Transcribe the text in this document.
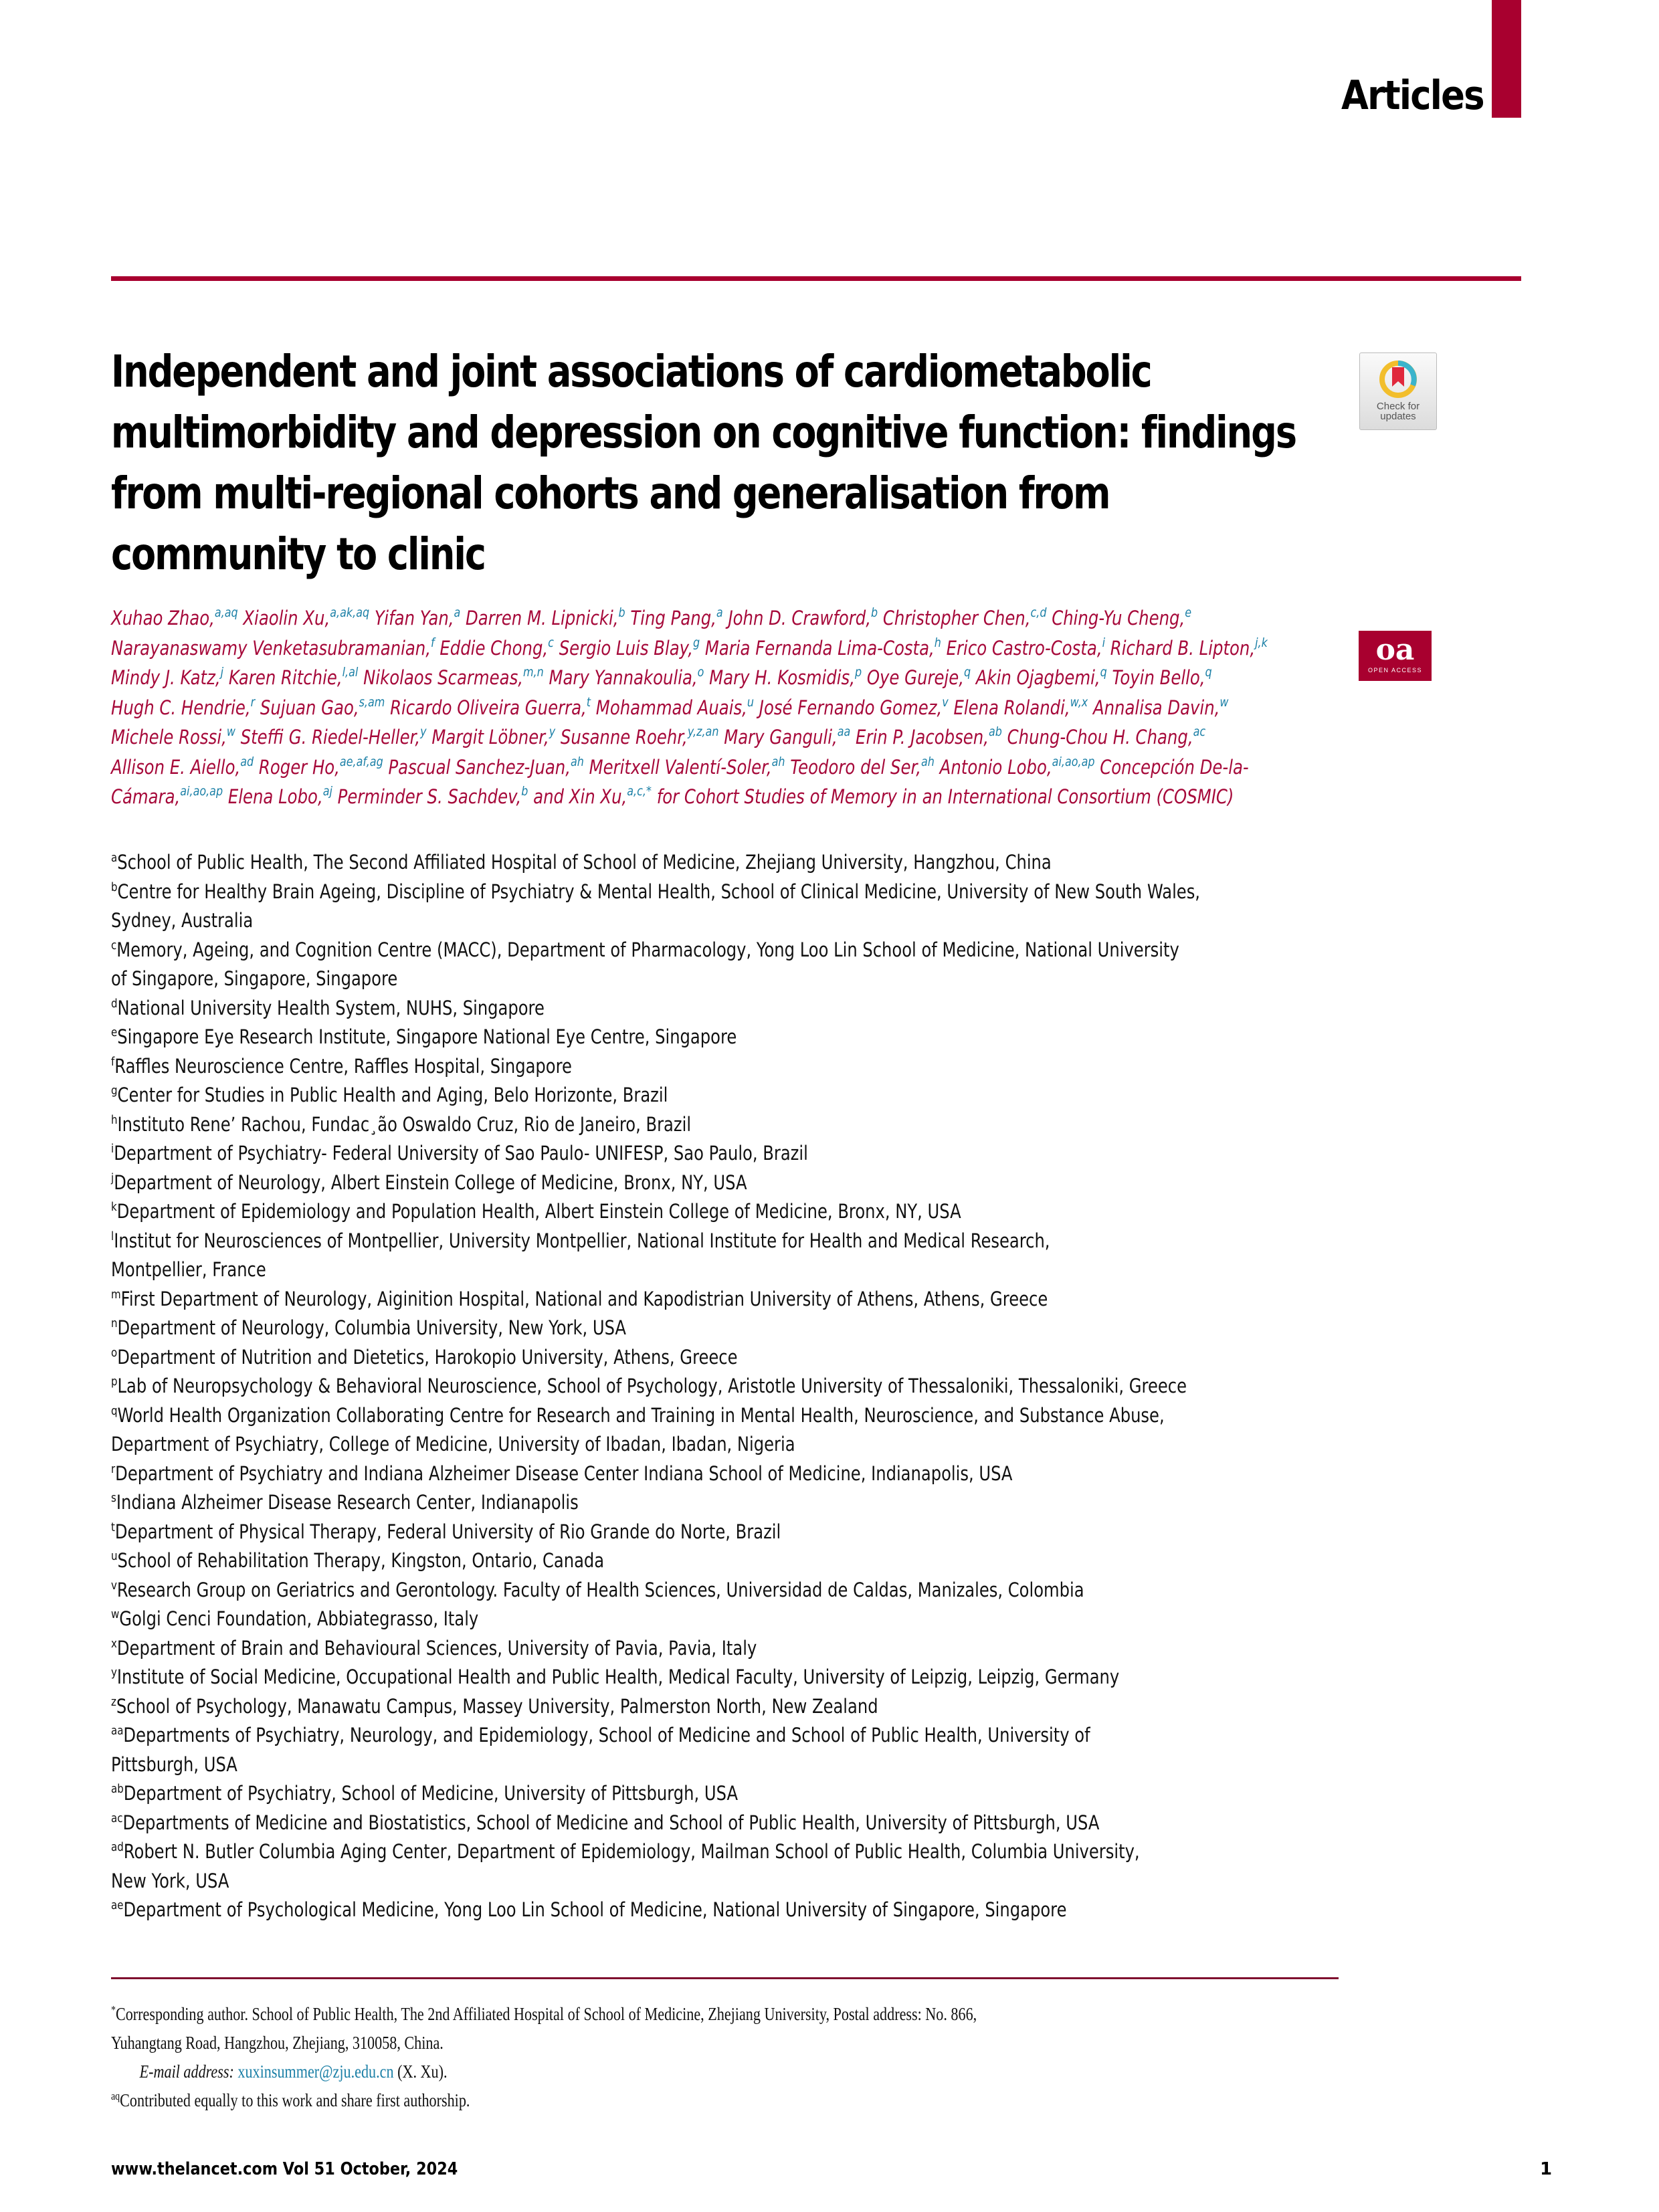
Articles
Independent and joint associations of cardiometabolic
multimorbidity and depression on cognitive function: findings
from multi-regional cohorts and generalisation from
community to clinic
Check for
updates
oa
OPEN ACCESS
Xuhao Zhao,$^{a,aq}$ Xiaolin Xu,$^{a,ak,aq}$ Yifan Yan,$^a$ Darren M. Lipnicki,$^b$ Ting Pang,$^a$ John D. Crawford,$^b$ Christopher Chen,$^{c,d}$ Ching-Yu Cheng,$^e$
Narayanaswamy Venketasubramanian,$^f$ Eddie Chong,$^c$ Sergio Luis Blay,$^g$ Maria Fernanda Lima-Costa,$^h$ Erico Castro-Costa,$^i$ Richard B. Lipton,$^{j,k}$
Mindy J. Katz,$^j$ Karen Ritchie,$^{l,al}$ Nikolaos Scarmeas,$^{m,n}$ Mary Yannakoulia,$^o$ Mary H. Kosmidis,$^p$ Oye Gureje,$^q$ Akin Ojagbemi,$^q$ Toyin Bello,$^q$
Hugh C. Hendrie,$^r$ Sujuan Gao,$^{s,am}$ Ricardo Oliveira Guerra,$^t$ Mohammad Auais,$^u$ José Fernando Gomez,$^v$ Elena Rolandi,$^{w,x}$ Annalisa Davin,$^w$
Michele Rossi,$^w$ Steffi G. Riedel-Heller,$^y$ Margit Löbner,$^y$ Susanne Roehr,$^{y,z,an}$ Mary Ganguli,$^{aa}$ Erin P. Jacobsen,$^{ab}$ Chung-Chou H. Chang,$^{ac}$
Allison E. Aiello,$^{ad}$ Roger Ho,$^{ae,af,ag}$ Pascual Sanchez-Juan,$^{ah}$ Meritxell Valentí-Soler,$^{ah}$ Teodoro del Ser,$^{ah}$ Antonio Lobo,$^{ai,ao,ap}$ Concepción De-la-
Cámara,$^{ai,ao,ap}$ Elena Lobo,$^{aj}$ Perminder S. Sachdev,$^b$ and Xin Xu,$^{a,c,*}$ for Cohort Studies of Memory in an International Consortium (COSMIC)
$^a$School of Public Health, The Second Affiliated Hospital of School of Medicine, Zhejiang University, Hangzhou, China
$^b$Centre for Healthy Brain Ageing, Discipline of Psychiatry & Mental Health, School of Clinical Medicine, University of New South Wales,
Sydney, Australia
$^c$Memory, Ageing, and Cognition Centre (MACC), Department of Pharmacology, Yong Loo Lin School of Medicine, National University
of Singapore, Singapore, Singapore
$^d$National University Health System, NUHS, Singapore
$^e$Singapore Eye Research Institute, Singapore National Eye Centre, Singapore
$^f$Raffles Neuroscience Centre, Raffles Hospital, Singapore
$^g$Center for Studies in Public Health and Aging, Belo Horizonte, Brazil
$^h$Instituto Rene’ Rachou, Fundac¸ão Oswaldo Cruz, Rio de Janeiro, Brazil
$^i$Department of Psychiatry- Federal University of Sao Paulo- UNIFESP, Sao Paulo, Brazil
$^j$Department of Neurology, Albert Einstein College of Medicine, Bronx, NY, USA
$^k$Department of Epidemiology and Population Health, Albert Einstein College of Medicine, Bronx, NY, USA
$^l$Institut for Neurosciences of Montpellier, University Montpellier, National Institute for Health and Medical Research,
Montpellier, France
$^m$First Department of Neurology, Aiginition Hospital, National and Kapodistrian University of Athens, Athens, Greece
$^n$Department of Neurology, Columbia University, New York, USA
$^o$Department of Nutrition and Dietetics, Harokopio University, Athens, Greece
$^p$Lab of Neuropsychology & Behavioral Neuroscience, School of Psychology, Aristotle University of Thessaloniki, Thessaloniki, Greece
$^q$World Health Organization Collaborating Centre for Research and Training in Mental Health, Neuroscience, and Substance Abuse,
Department of Psychiatry, College of Medicine, University of Ibadan, Ibadan, Nigeria
$^r$Department of Psychiatry and Indiana Alzheimer Disease Center Indiana School of Medicine, Indianapolis, USA
$^s$Indiana Alzheimer Disease Research Center, Indianapolis
$^t$Department of Physical Therapy, Federal University of Rio Grande do Norte, Brazil
$^u$School of Rehabilitation Therapy, Kingston, Ontario, Canada
$^v$Research Group on Geriatrics and Gerontology. Faculty of Health Sciences, Universidad de Caldas, Manizales, Colombia
$^w$Golgi Cenci Foundation, Abbiategrasso, Italy
$^x$Department of Brain and Behavioural Sciences, University of Pavia, Pavia, Italy
$^y$Institute of Social Medicine, Occupational Health and Public Health, Medical Faculty, University of Leipzig, Leipzig, Germany
$^z$School of Psychology, Manawatu Campus, Massey University, Palmerston North, New Zealand
$^{aa}$Departments of Psychiatry, Neurology, and Epidemiology, School of Medicine and School of Public Health, University of
Pittsburgh, USA
$^{ab}$Department of Psychiatry, School of Medicine, University of Pittsburgh, USA
$^{ac}$Departments of Medicine and Biostatistics, School of Medicine and School of Public Health, University of Pittsburgh, USA
$^{ad}$Robert N. Butler Columbia Aging Center, Department of Epidemiology, Mailman School of Public Health, Columbia University,
New York, USA
$^{ae}$Department of Psychological Medicine, Yong Loo Lin School of Medicine, National University of Singapore, Singapore
*Corresponding author. School of Public Health, The 2nd Affiliated Hospital of School of Medicine, Zhejiang University, Postal address: No. 866,
Yuhangtang Road, Hangzhou, Zhejiang, 310058, China.
E-mail address: xuxinsummer@zju.edu.cn (X. Xu).
$^{aq}$Contributed equally to this work and share first authorship.
www.thelancet.com Vol 51 October, 2024	1
